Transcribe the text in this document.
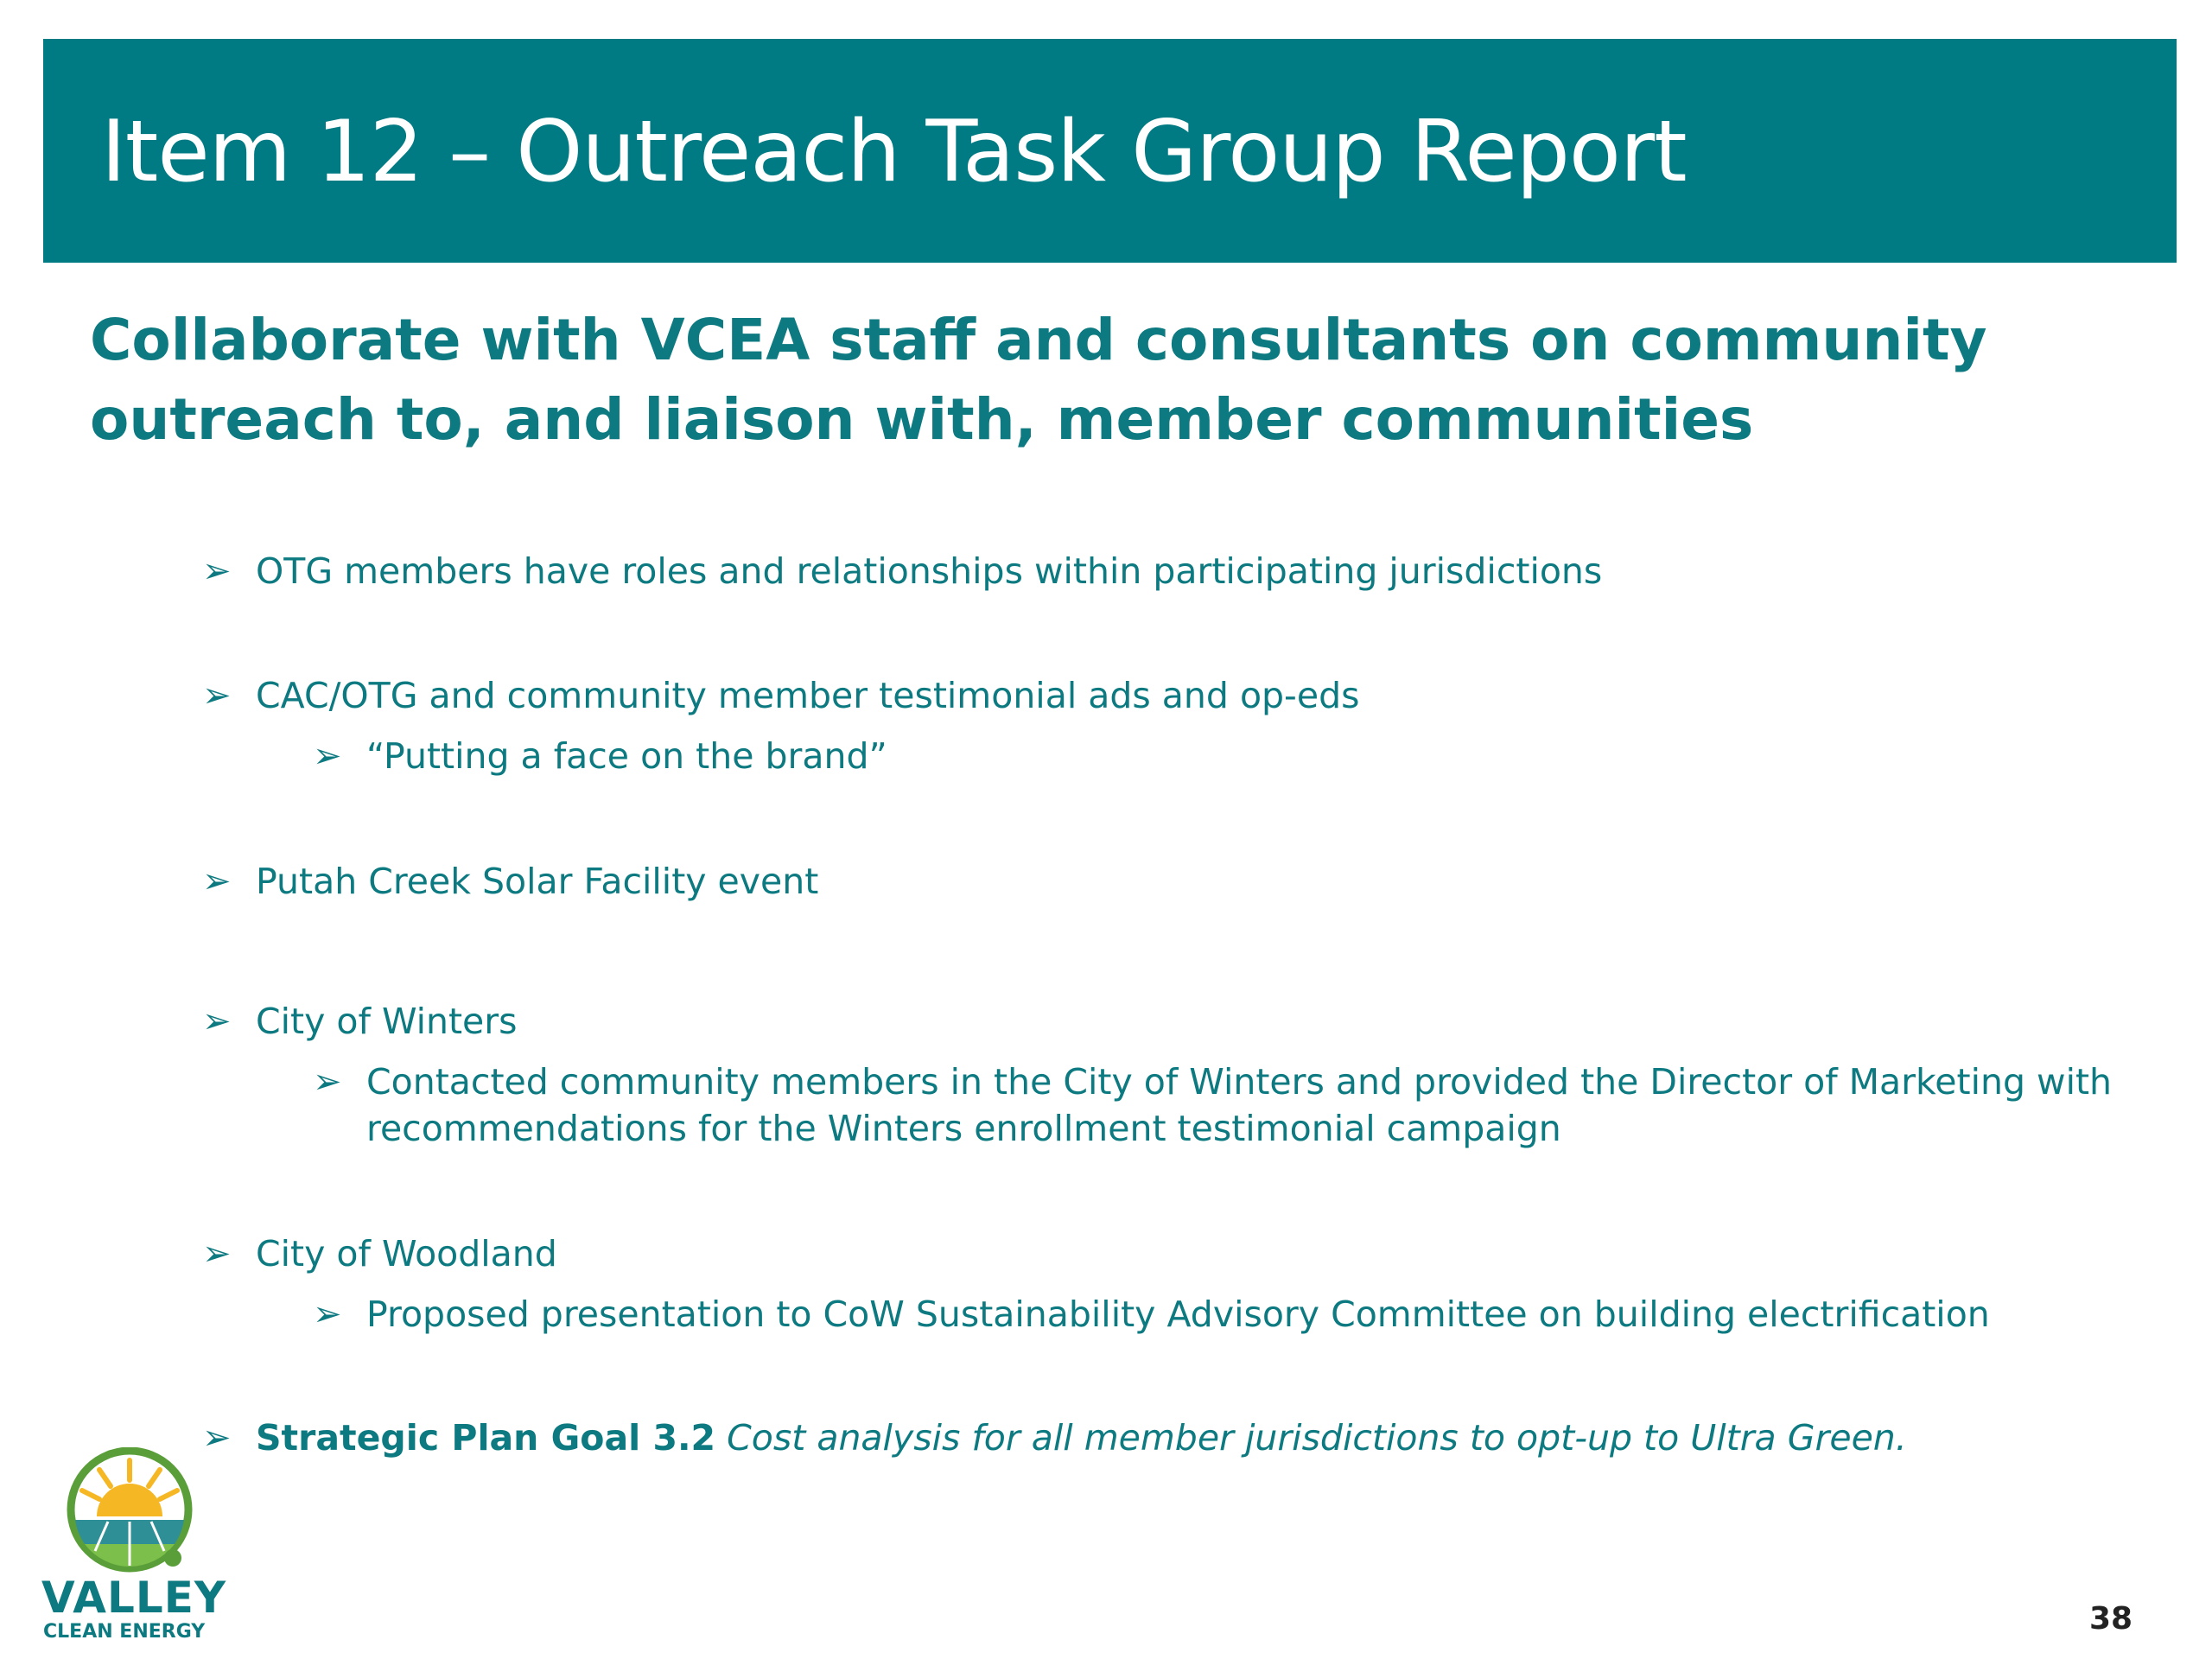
Item 12 – Outreach Task Group Report
Collaborate with VCEA staff and consultants on community outreach to, and liaison with, member communities
➢ OTG members have roles and relationships within participating jurisdictions
➢ CAC/OTG and community member testimonial ads and op-eds
➢ “Putting a face on the brand”
➢ Putah Creek Solar Facility event
➢ City of Winters
➢ Contacted community members in the City of Winters and provided the Director of Marketing with recommendations for the Winters enrollment testimonial campaign
➢ City of Woodland
➢ Proposed presentation to CoW Sustainability Advisory Committee on building electrification
➢ Strategic Plan Goal 3.2 Cost analysis for all member jurisdictions to opt-up to Ultra Green.
VALLEY
CLEAN ENERGY	38
